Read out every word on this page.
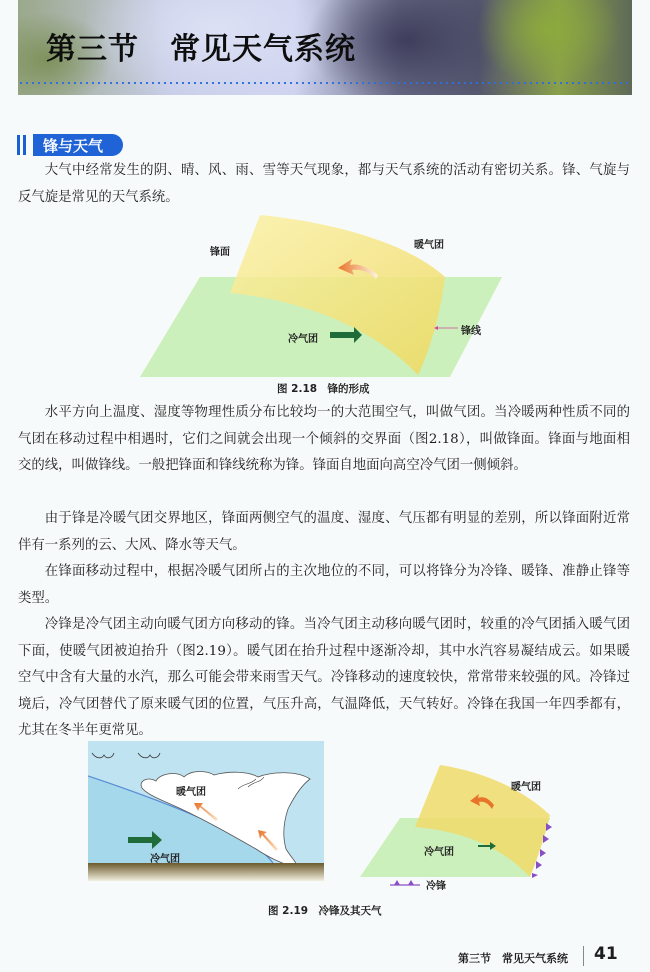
第三节　常见天气系统
锋与天气
大气中经常发生的阴、晴、风、雨、雪等天气现象，都与天气系统的活动有密切关系。锋、气旋与反气旋是常见的天气系统。
锋面
暖气团
冷气团
锋线
图 2.18　锋的形成
水平方向上温度、湿度等物理性质分布比较均一的大范围空气，叫做气团。当冷暖两种性质不同的气团在移动过程中相遇时，它们之间就会出现一个倾斜的交界面（图2.18），叫做锋面。锋面与地面相交的线，叫做锋线。一般把锋面和锋线统称为锋。锋面自地面向高空冷气团一侧倾斜。
由于锋是冷暖气团交界地区，锋面两侧空气的温度、湿度、气压都有明显的差别，所以锋面附近常伴有一系列的云、大风、降水等天气。
在锋面移动过程中，根据冷暖气团所占的主次地位的不同，可以将锋分为冷锋、暖锋、准静止锋等类型。
冷锋是冷气团主动向暖气团方向移动的锋。当冷气团主动移向暖气团时，较重的冷气团插入暖气团下面，使暖气团被迫抬升（图2.19）。暖气团在抬升过程中逐渐冷却，其中水汽容易凝结成云。如果暖空气中含有大量的水汽，那么可能会带来雨雪天气。冷锋移动的速度较快，常常带来较强的风。冷锋过境后，冷气团替代了原来暖气团的位置，气压升高，气温降低，天气转好。冷锋在我国一年四季都有，尤其在冬半年更常见。
暖气团
冷气团
暖气团
冷气团
冷锋
图 2.19　冷锋及其天气
第三节　常见天气系统 41
